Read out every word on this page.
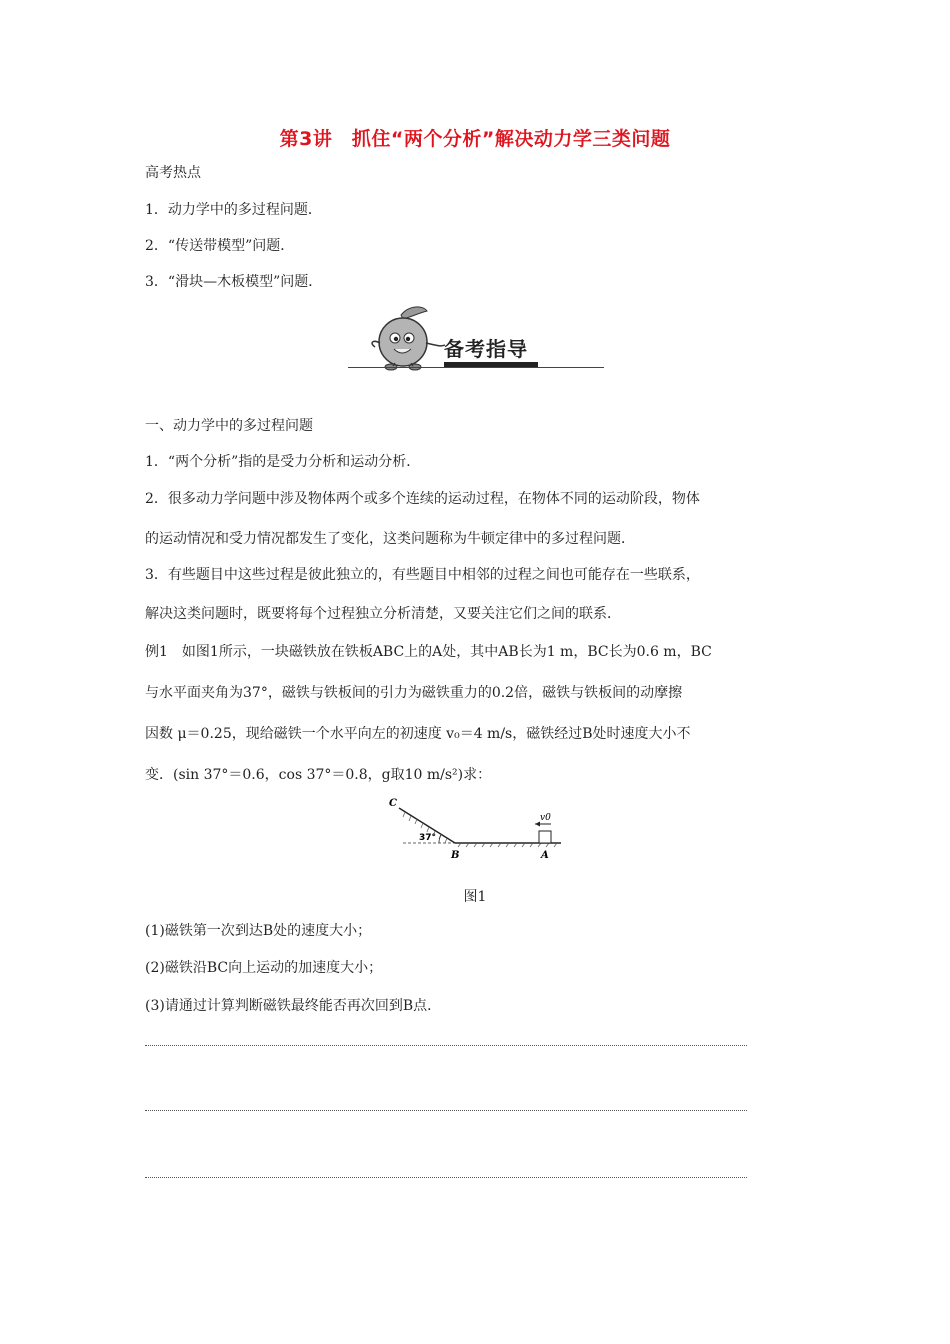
第3讲　抓住“两个分析”解决动力学三类问题
高考热点
1．动力学中的多过程问题．
2．“传送带模型”问题．
3．“滑块—木板模型”问题．
备考指导
一、动力学中的多过程问题
1．“两个分析”指的是受力分析和运动分析．
2．很多动力学问题中涉及物体两个或多个连续的运动过程，在物体不同的运动阶段，物体
的运动情况和受力情况都发生了变化，这类问题称为牛顿定律中的多过程问题．
3．有些题目中这些过程是彼此独立的，有些题目中相邻的过程之间也可能存在一些联系，
解决这类问题时，既要将每个过程独立分析清楚，又要关注它们之间的联系．
例1　如图1所示，一块磁铁放在铁板ABC上的A处，其中AB长为1 m，BC长为0.6 m，BC
与水平面夹角为37°，磁铁与铁板间的引力为磁铁重力的0.2倍，磁铁与铁板间的动摩擦
因数 μ＝0.25，现给磁铁一个水平向左的初速度 v₀＝4 m/s，磁铁经过B处时速度大小不
变．(sin 37°＝0.6，cos 37°＝0.8，g取10 m/s²)求：
C
37°
B	A
v0
图1
(1)磁铁第一次到达B处的速度大小；
(2)磁铁沿BC向上运动的加速度大小；
(3)请通过计算判断磁铁最终能否再次回到B点．
